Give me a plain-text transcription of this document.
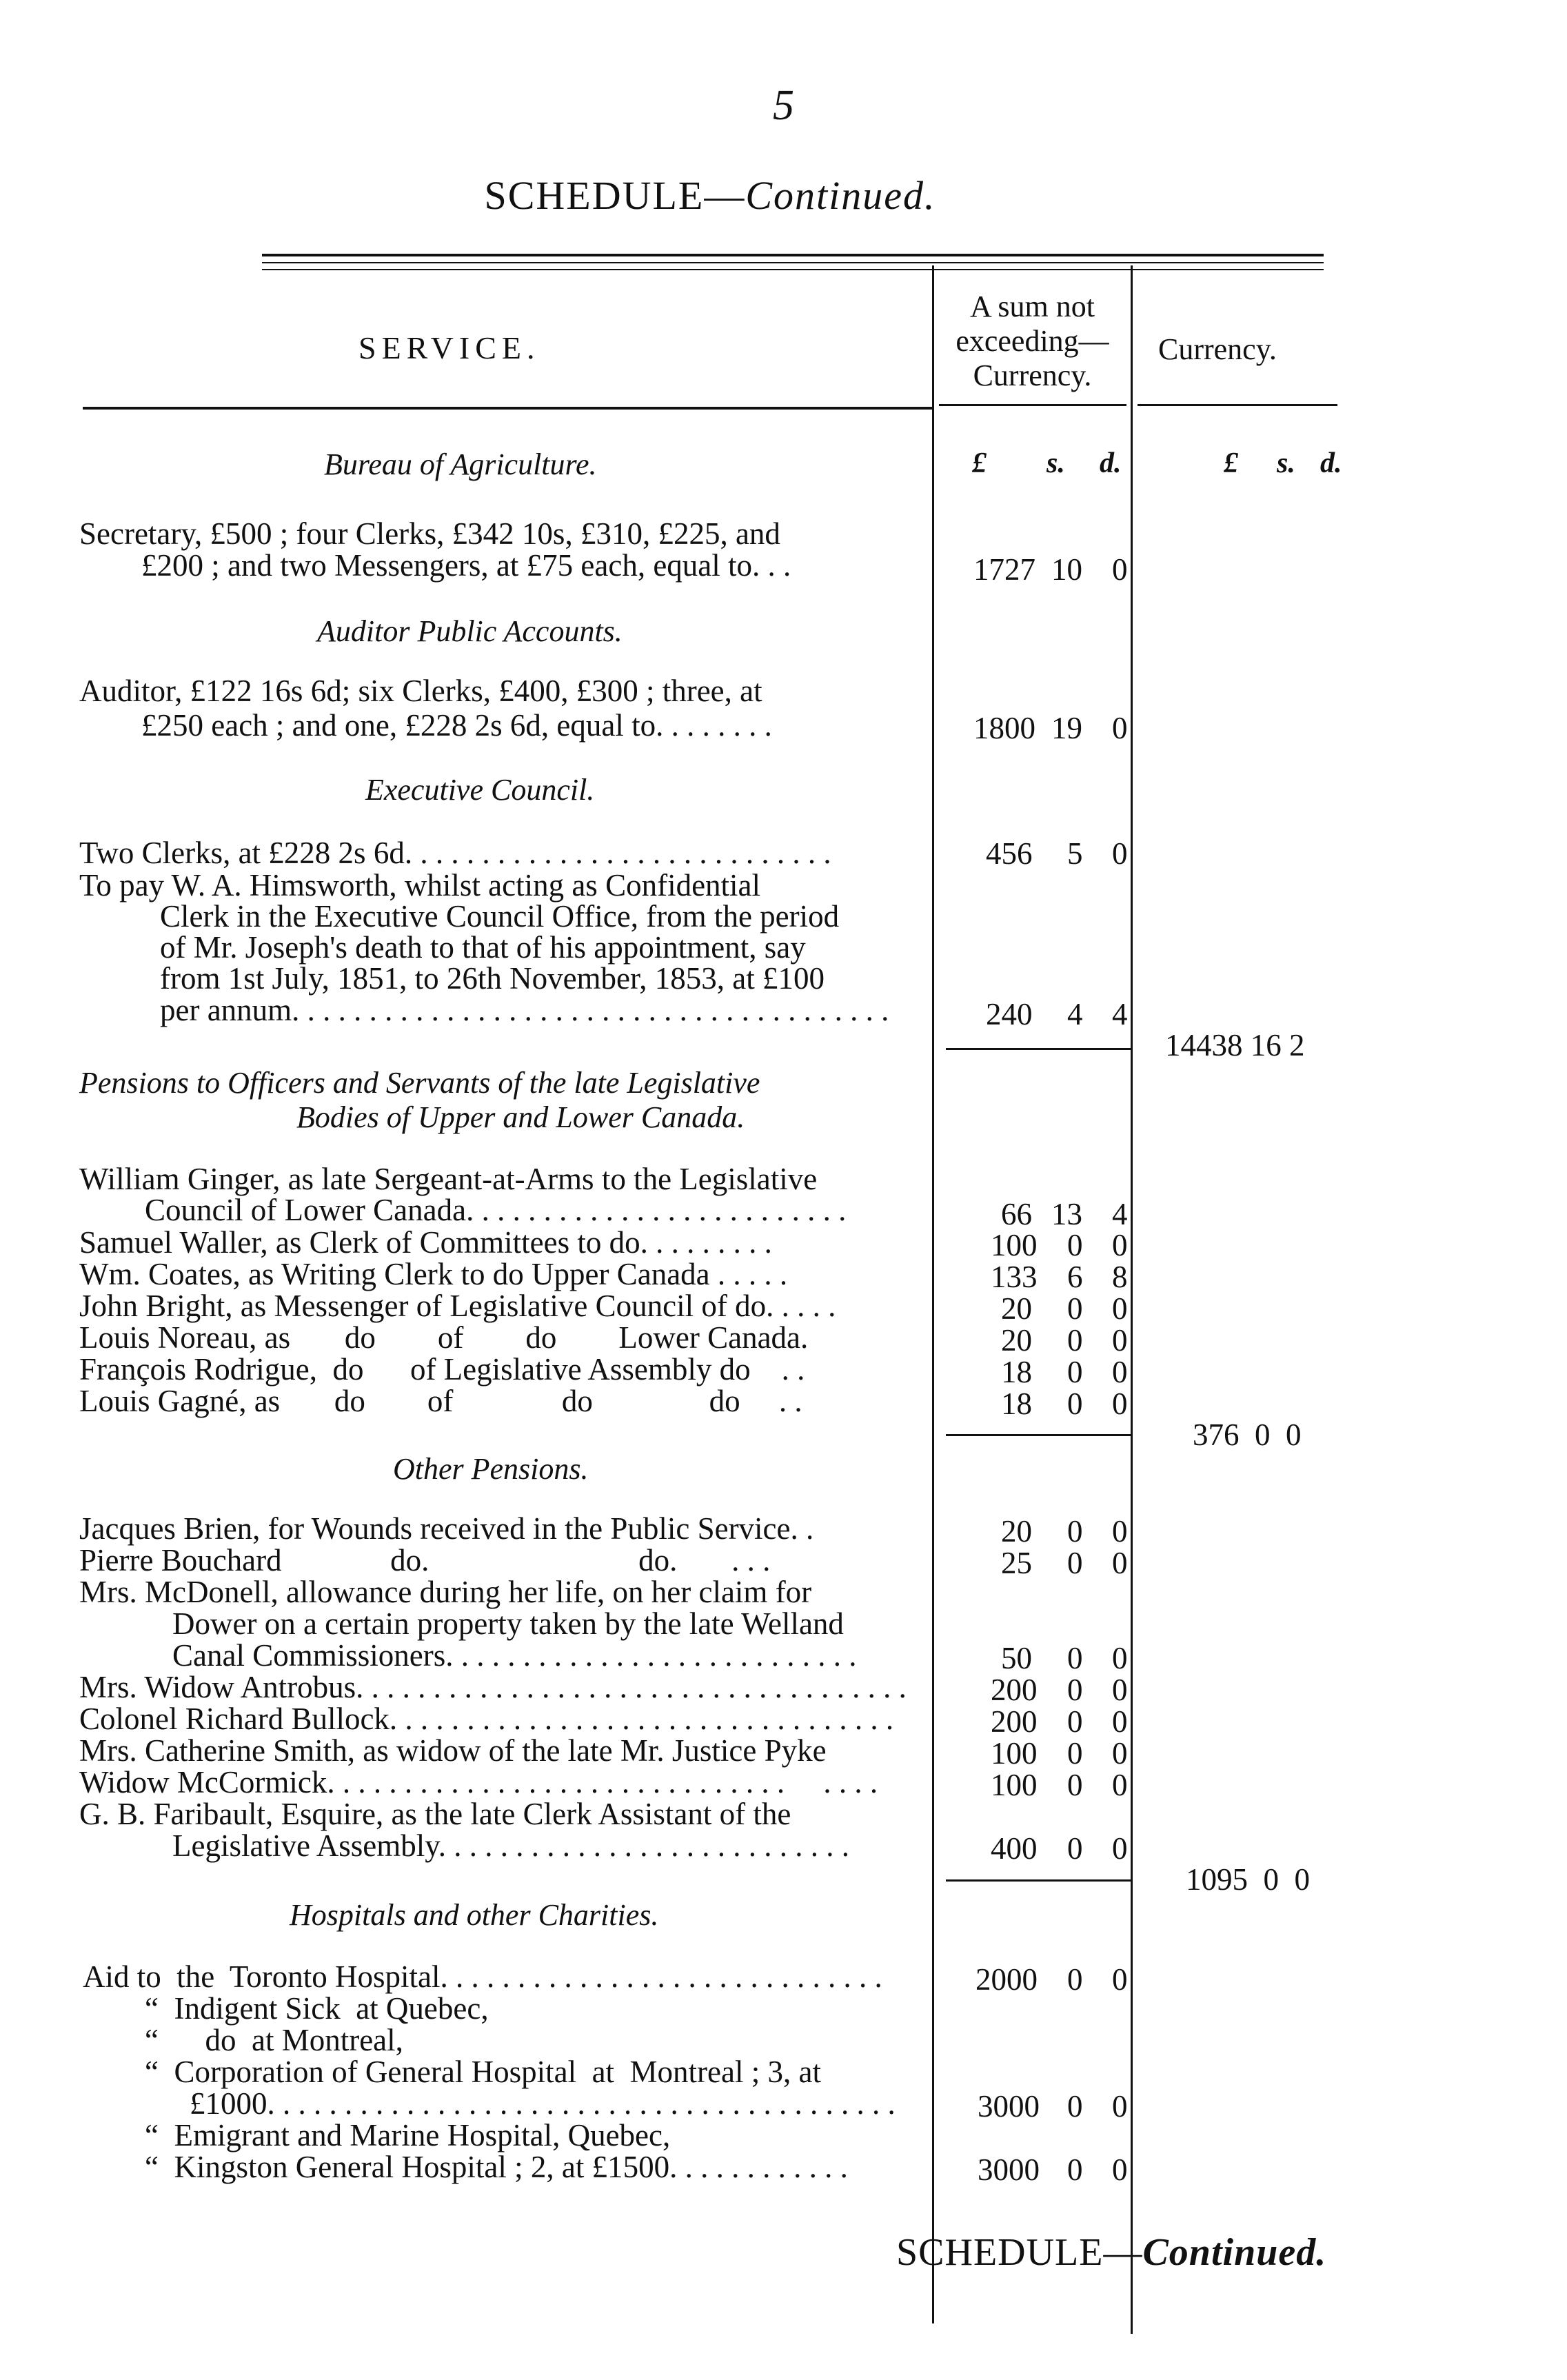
5
SCHEDULE—Continued.
SERVICE.
A sum not
exceeding—
Currency.
Currency.
Bureau of Agriculture.	£ s. d.	£ s. d.
Secretary, £500 ; four Clerks, £342 10s, £310, £225, and
£200 ; and two Messengers, at £75 each, equal to. . .	1727 10 0
Auditor Public Accounts.
Auditor, £122 16s 6d; six Clerks, £400, £300 ; three, at
£250 each ; and one, £228 2s 6d, equal to. . . . . . . .	1800 19 0
Executive Council.
Two Clerks, at £228 2s 6d. . . . . . . . . . . . . . . . . . . . . . . . . . . .	456 5 0
To pay W. A. Himsworth, whilst acting as Confidential
Clerk in the Executive Council Office, from the period
of Mr. Joseph's death to that of his appointment, say
from 1st July, 1851, to 26th November, 1853, at £100
per annum. . . . . . . . . . . . . . . . . . . . . . . . . . . . . . . . . . . . . . .	240 4 4
14438 16 2
Pensions to Officers and Servants of the late Legislative
Bodies of Upper and Lower Canada.
William Ginger, as late Sergeant-at-Arms to the Legislative
Council of Lower Canada. . . . . . . . . . . . . . . . . . . . . . . . .	66 13 4
Samuel Waller, as Clerk of Committees to do. . . . . . . . .	100 0 0
Wm. Coates, as Writing Clerk to do Upper Canada . . . . .	133 6 8
John Bright, as Messenger of Legislative Council of do. . . . .	20 0 0
Louis Noreau, as       do        of        do        Lower Canada.	20 0 0
François Rodrigue,  do      of Legislative Assembly do    . .	18 0 0
Louis Gagné, as       do        of              do               do     . .	18 0 0
376  0  0
Other Pensions.
Jacques Brien, for Wounds received in the Public Service. .	20 0 0
Pierre Bouchard              do.                           do.       . . .	25 0 0
Mrs. McDonell, allowance during her life, on her claim for
Dower on a certain property taken by the late Welland
Canal Commissioners. . . . . . . . . . . . . . . . . . . . . . . . . . .	50 0 0
Mrs. Widow Antrobus. . . . . . . . . . . . . . . . . . . . . . . . . . . . . . . . . . . .	200 0 0
Colonel Richard Bullock. . . . . . . . . . . . . . . . . . . . . . . . . . . . . . . . .	200 0 0
Mrs. Catherine Smith, as widow of the late Mr. Justice Pyke	100 0 0
Widow McCormick. . . . . . . . . . . . . . . . . . . . . . . . . . . . . .     . . . .	100 0 0
G. B. Faribault, Esquire, as the late Clerk Assistant of the
Legislative Assembly. . . . . . . . . . . . . . . . . . . . . . . . . . .	400 0 0
1095  0  0
Hospitals and other Charities.
Aid to  the  Toronto Hospital. . . . . . . . . . . . . . . . . . . . . . . . . . . . .	2000 0 0
“  Indigent Sick  at Quebec,
“      do  at Montreal,
“  Corporation of General Hospital  at  Montreal ; 3, at
£1000. . . . . . . . . . . . . . . . . . . . . . . . . . . . . . . . . . . . . . . . .	3000 0 0
“  Emigrant and Marine Hospital, Quebec,
“  Kingston General Hospital ; 2, at £1500. . . . . . . . . . . .	3000 0 0
SCHEDULE—Continued.
